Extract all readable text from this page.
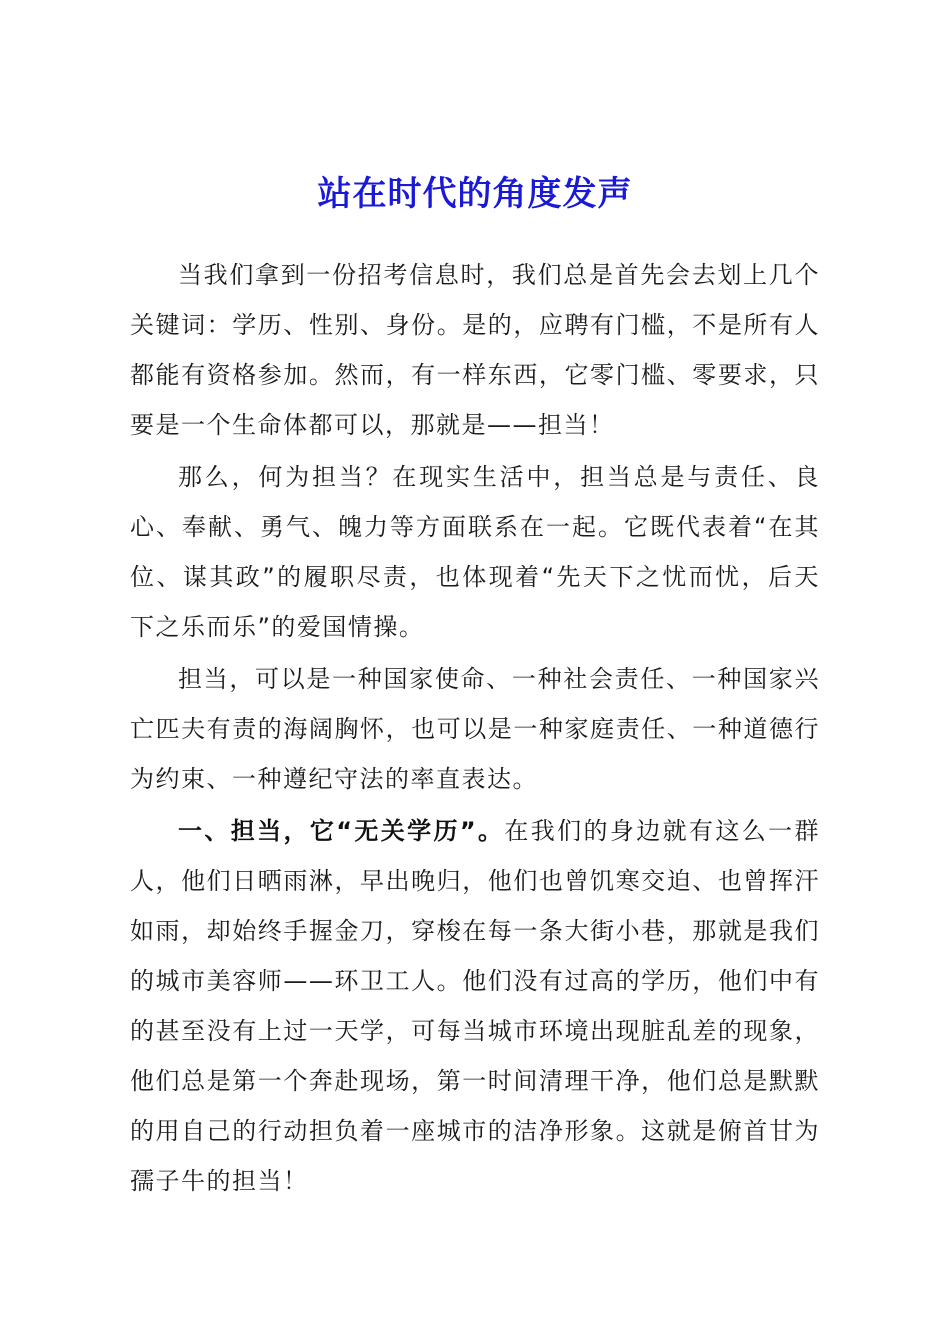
站在时代的角度发声

当我们拿到一份招考信息时，我们总是首先会去划上几个关键词：学历、性别、身份。是的，应聘有门槛，不是所有人都能有资格参加。然而，有一样东西，它零门槛、零要求，只要是一个生命体都可以，那就是——担当！

那么，何为担当？在现实生活中，担当总是与责任、良心、奉献、勇气、魄力等方面联系在一起。它既代表着“在其位、谋其政”的履职尽责，也体现着“先天下之忧而忧，后天下之乐而乐”的爱国情操。

担当，可以是一种国家使命、一种社会责任、一种国家兴亡匹夫有责的海阔胸怀，也可以是一种家庭责任、一种道德行为约束、一种遵纪守法的率直表达。

一、担当，它“无关学历”。在我们的身边就有这么一群人，他们日晒雨淋，早出晚归，他们也曾饥寒交迫、也曾挥汗如雨，却始终手握金刀，穿梭在每一条大街小巷，那就是我们的城市美容师——环卫工人。他们没有过高的学历，他们中有的甚至没有上过一天学，可每当城市环境出现脏乱差的现象，他们总是第一个奔赴现场，第一时间清理干净，他们总是默默的用自己的行动担负着一座城市的洁净形象。这就是俯首甘为孺子牛的担当！
